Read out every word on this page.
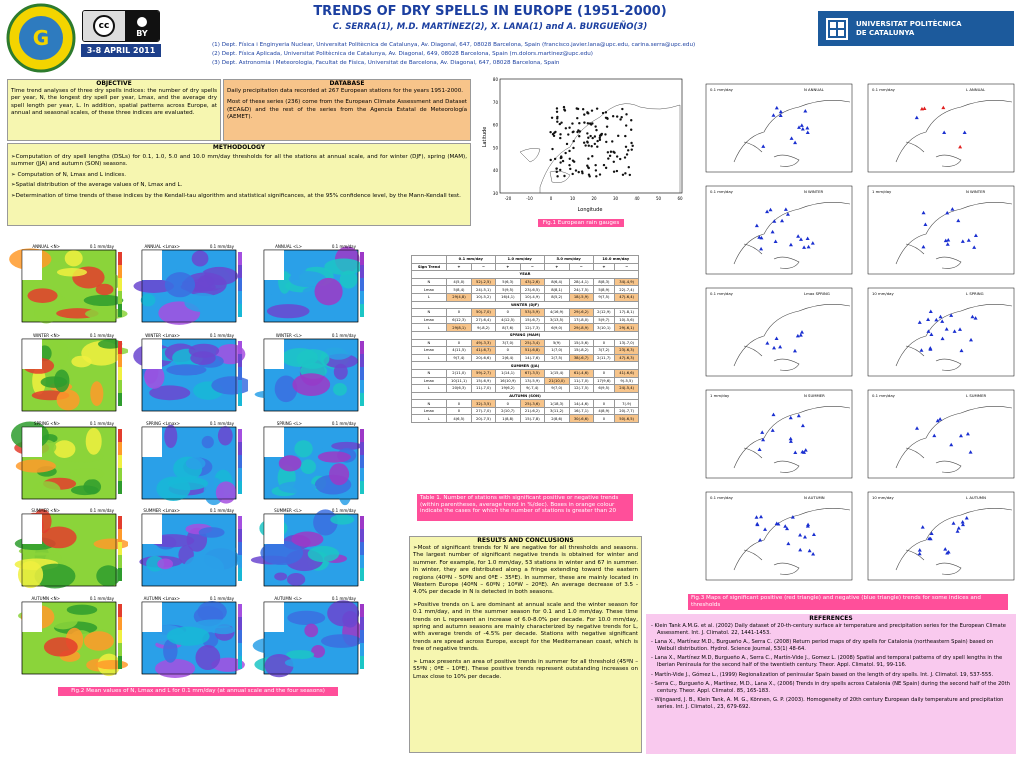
G	cc	i
BY
3-8 APRIL 2011
TRENDS OF DRY SPELLS IN EUROPE (1951-2000)
C. SERRA(1), M.D. MARTÍNEZ(2), X. LANA(1) and A. BURGUEÑO(3)
(1) Dept. Física i Enginyeria Nuclear, Universitat Politècnica de Catalunya, Av. Diagonal, 647, 08028 Barcelona, Spain (francisco.javier.lana@upc.edu, carina.serra@upc.edu)
(2) Dept. Física Aplicada, Universitat Politècnica de Catalunya, Av. Diagonal, 649, 08028 Barcelona, Spain (m.dolors.martinez@upc.edu)
(3) Dept. Astronomia i Meteorologia, Facultat de Física, Universitat de Barcelona, Av. Diagonal, 647, 08028 Barcelona, Spain
UNIVERSITAT POLITÈCNICA
DE CATALUNYA
OBJECTIVE

Time trend analyses of three dry spells indices: the number of dry spells per year, N, the longest dry spell per year, Lmax, and the average dry spell length per year, L. In addition, spatial patterns across Europe, at annual and seasonal scales, of these three indices are evaluated.

DATABASE

Daily precipitation data recorded at 267 European stations for the years 1951-2000.

Most of these series (236) come from the European Climate Assessment and Dataset (ECA&D) and the rest of the series from the Agencia Estatal de Meteorología (AEMET).

METHODOLOGY

➢Computation of dry spell lengths (DSLs) for 0.1, 1.0, 5.0 and 10.0 mm/day thresholds for all the stations at annual scale, and for winter (DJF), spring (MAM), summer (JJA) and autumn (SON) seasons.

➢ Computation of N, Lmax and L indices.

➢Spatial distribution of the average values of N, Lmax and L.

➢Determination of time trends of these indices by the Kendall-tau algorithm and statistical significances, at the 95% confidence level, by the Mann-Kendall test.

80
70
60
50
40
30
-20	-10	0	10	20	30	40	50	60
Latitude
Longitude
Fig.1 European rain gauges
Fig.2 Mean values of N, Lmax and L for 0.1 mm/day (at annual scale and the four seasons)
	0.1 mm/day		1.0 mm/day		5.0 mm/day		10.0 mm/day	
Sign Trend	+	−	+	−	+	−	+	−
YEAR								
N	4(5,0)	52(-2,5)	5(6,3)	43(-2,6)	8(6,4)	28(-4,1)	8(8,3)	34(-4,9)
Lmax	5(8,4)	24(-5,1)	5(9,5)	23(-6,5)	8(8,1)	24(-7,5)	5(8,9)	22(-7,4)
L	29(4,8)	10(-5,2)	16(4,1)	10(-4,9)	8(5,2)	18(-5,9)	9(7,5)	47(-6,4)
WINTER (DJF)								
N	0	50(-7,0)	0	53(-5,9)	4(16,9)	29(-6,2)	2(12,9)	17(-8,1)
Lmax	6(12,3)	27(-6,4)	4(12,5)	15(-6,7)	3(13,5)	17(-8,0)	5(9,7)	10(-5,6)
L	29(8,1)	9(-8,2)	8(7,6)	12(-7,3)	6(9,0)	29(-8,9)	3(10,1)	29(-6,1)
SPRING (MAM)								
N	0	49(-3,3)	3(7,0)	25(-3,4)	5(9)	15(-5,6)	0	13(-7,0)
Lmax	4(11,5)	41(-6,7)	0	51(-6,8)	1(7,0)	15(-8,2)	3(7,2)	23(-6,3)
L	9(7,4)	20(-6,6)	2(6,4)	14(-7,6)	2(7,5)	38(-6,7)	2(11,7)	47(-6,3)
SUMMER (JJA)								
N	2(11,0)	59(-2,7)	1(14,1)	67(-3,5)	1(15,4)	61(-4,6)	0	41(-6,6)
Lmax	10(11,1)	15(-6,9)	16(10,9)	13(-5,9)	21(10,0)	11(-7,0)	17(9,6)	9(-5,5)
L	20(6,3)	11(-7,0)	19(6,2)	9(-7,4)	9(7,0)	12(-7,5)	6(9,5)	24(-5,4)
AUTUMN (SON)								
N	0	32(-3,5)	0	25(-3,6)	1(18,3)	14(-4,6)	0	7(-9)
Lmax	0	27(-7,0)	2(10,7)	21(-6,2)	3(11,2)	16(-7,1)	4(8,9)	20(-7,7)
L	4(6,5)	20(-7,5)	1(8,8)	15(-7,8)	2(8,6)	30(-6,6)	0	50(-6,5)
Table 1. Number of stations with significant positive or negative trends (within parentheses, average trend in %/dec). Boxes in orange colour indicate the cases for which the number of stations is greater than 20
0.1 mm/day	N ANNUAL	0.1 mm/day	L ANNUAL
0.1 mm/day	N WINTER	1 mm/day	N WINTER
0.1 mm/day	Lmax SPRING	10 mm/day	L SPRING
1 mm/day	N SUMMER	0.1 mm/day	L SUMMER
0.1 mm/day	N AUTUMN	10 mm/day	L AUTUMN
Fig.3 Maps of significant positive (red triangle) and negative (blue triangle) trends for some indices and thresholds
RESULTS AND CONCLUSIONS

➢Most of significant trends for N are negative for all thresholds and seasons. The largest number of significant negative trends is obtained for winter and summer. For example, for 1.0 mm/day, 53 stations in winter and 67 in summer. In winter, they are distributed along a fringe extending toward the eastern regions (40ºN - 50ºN and 0ºE - 35ºE). In summer, these are mainly located in Western Europe (40ºN – 60ºN ; 10ºW – 20ºE). An average decrease of 3.5 - 4.0% per decade in N is detected in both seasons.

➢Positive trends on L are dominant at annual scale and the winter season for 0.1 mm/day, and in the summer season for 0.1 and 1.0 mm/day. These time trends on L represent an increase of 6.0-8.0% per decade. For 10.0 mm/day, spring and autumn seasons are mainly characterized by negative trends for L, with average trends of -4.5% per decade. Stations with negative significant trends are spread across Europe, except for the Mediterranean coast, which is free of negative trends.

➢ Lmax presents an area of positive trends in summer for all threshold (45ºN – 55ºN ; 0ºE – 10ºE). These positive trends represent outstanding increases on Lmax close to 10% per decade.

REFERENCES
- Klein Tank A.M.G. et al. (2002) Daily dataset of 20-th-century surface air temperature and precipitation series for the European Climate Assessment. Int. J. Climatol. 22, 1441-1453.
- Lana X., Martínez M.D., Burgueño A., Serra C. (2008) Return period maps of dry spells for Catalonia (northeastern Spain) based on Weibull distribution. Hydrol. Science Journal, 53(1) 48-64.
- Lana X., Martínez M.D, Burgueño A., Serra C., Martín-Vide J., Gomez L. (2008) Spatial and temporal patterns of dry spell lengths in the Iberian Peninsula for the second half of the twentieth century. Theor. Appl. Climatol. 91, 99-116.
- Martín-Vide J., Gómez L., (1999) Regionalization of peninsular Spain based on the length of dry spells. Int. J. Climatol. 19, 537-555.
- Serra C., Burgueño A., Martínez, M.D., Lana X., (2006) Trends in dry spells across Catalonia (NE Spain) during the second half of the 20th century. Theor. Appl. Climatol. 85, 165-183.
- Wijngaard, J. B., Klein Tank, A. M. G., Können, G. P. (2003). Homogeneity of 20th century European daily temperature and precipitation series. Int. J. Climatol., 23, 679-692.
ANNUAL <N>	0.1 mm/day	ANNUAL <Lmax>	0.1 mm/day	ANNUAL <L>	0.1 mm/day
WINTER <N>	0.1 mm/day	WINTER <Lmax>	0.1 mm/day	WINTER <L>	0.1 mm/day
SPRING <N>	0.1 mm/day	SPRING <Lmax>	0.1 mm/day	SPRING <L>	0.1 mm/day
SUMMER <N>	0.1 mm/day	SUMMER <Lmax>	0.1 mm/day	SUMMER <L>	0.1 mm/day
AUTUMN <N>	0.1 mm/day	AUTUMN <Lmax>	0.1 mm/day	AUTUMN <L>	0.1 mm/day
